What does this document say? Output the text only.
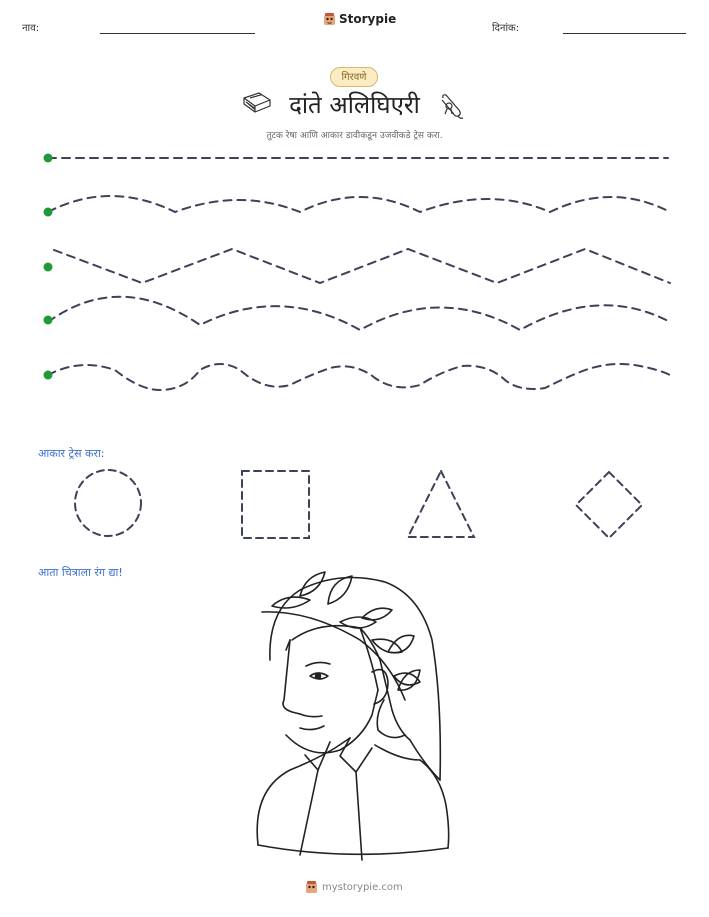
नाव:
Storypie
दिनांक:
गिरवणे
दांते अलिघिएरी
तुटक रेषा आणि आकार डावीकडून उजवीकडे ट्रेस करा.
आकार ट्रेस करा:
आता चित्राला रंग द्या!
mystorypie.com
